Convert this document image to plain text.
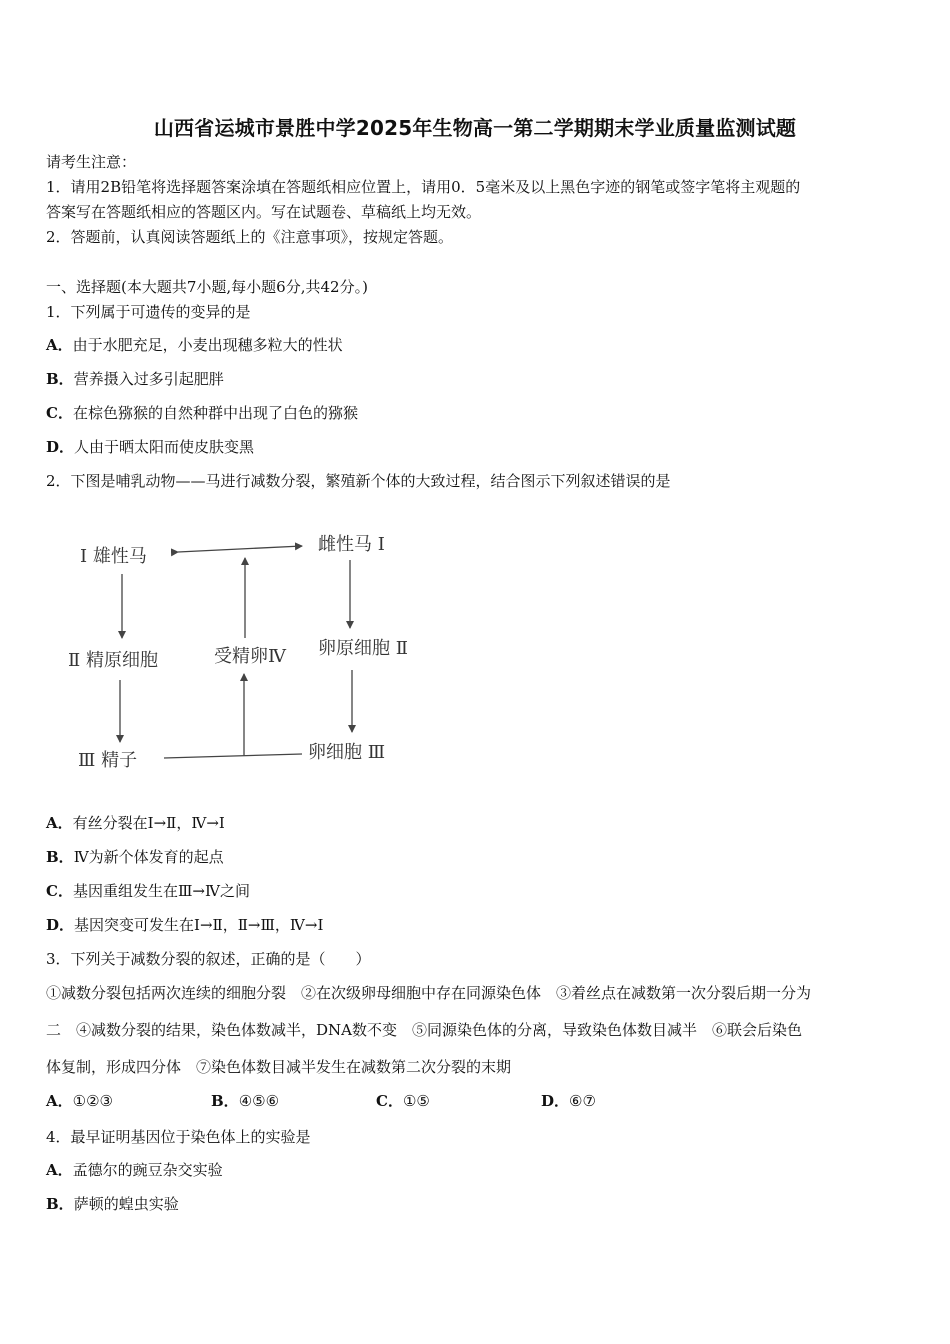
山西省运城市景胜中学2025年生物高一第二学期期末学业质量监测试题
请考生注意：
1．请用2B铅笔将选择题答案涂填在答题纸相应位置上，请用0．5毫米及以上黑色字迹的钢笔或签字笔将主观题的
答案写在答题纸相应的答题区内。写在试题卷、草稿纸上均无效。
2．答题前，认真阅读答题纸上的《注意事项》，按规定答题。
一、选择题(本大题共7小题,每小题6分,共42分。)
1．下列属于可遗传的变异的是
A．由于水肥充足，小麦出现穗多粒大的性状
B．营养摄入过多引起肥胖
C．在棕色猕猴的自然种群中出现了白色的猕猴
D．人由于晒太阳而使皮肤变黑
2．下图是哺乳动物——马进行减数分裂，繁殖新个体的大致过程，结合图示下列叙述错误的是
Ⅰ 雄性马
雌性马 Ⅰ
Ⅱ 精原细胞	受精卵Ⅳ 卵原细胞 Ⅱ
Ⅲ 精子	卵细胞 Ⅲ
A．有丝分裂在Ⅰ→Ⅱ，Ⅳ→Ⅰ
B．Ⅳ为新个体发育的起点
C．基因重组发生在Ⅲ→Ⅳ之间
D．基因突变可发生在Ⅰ→Ⅱ，Ⅱ→Ⅲ，Ⅳ→Ⅰ
3．下列关于减数分裂的叙述，正确的是（　　）
①减数分裂包括两次连续的细胞分裂　②在次级卵母细胞中存在同源染色体　③着丝点在减数第一次分裂后期一分为
二　④减数分裂的结果，染色体数减半，DNA数不变　⑤同源染色体的分离，导致染色体数目减半　⑥联会后染色
体复制，形成四分体　⑦染色体数目减半发生在减数第二次分裂的末期
A．①②③	B．④⑤⑥	C．①⑤	D．⑥⑦
4．最早证明基因位于染色体上的实验是
A．孟德尔的豌豆杂交实验
B．萨顿的蝗虫实验
